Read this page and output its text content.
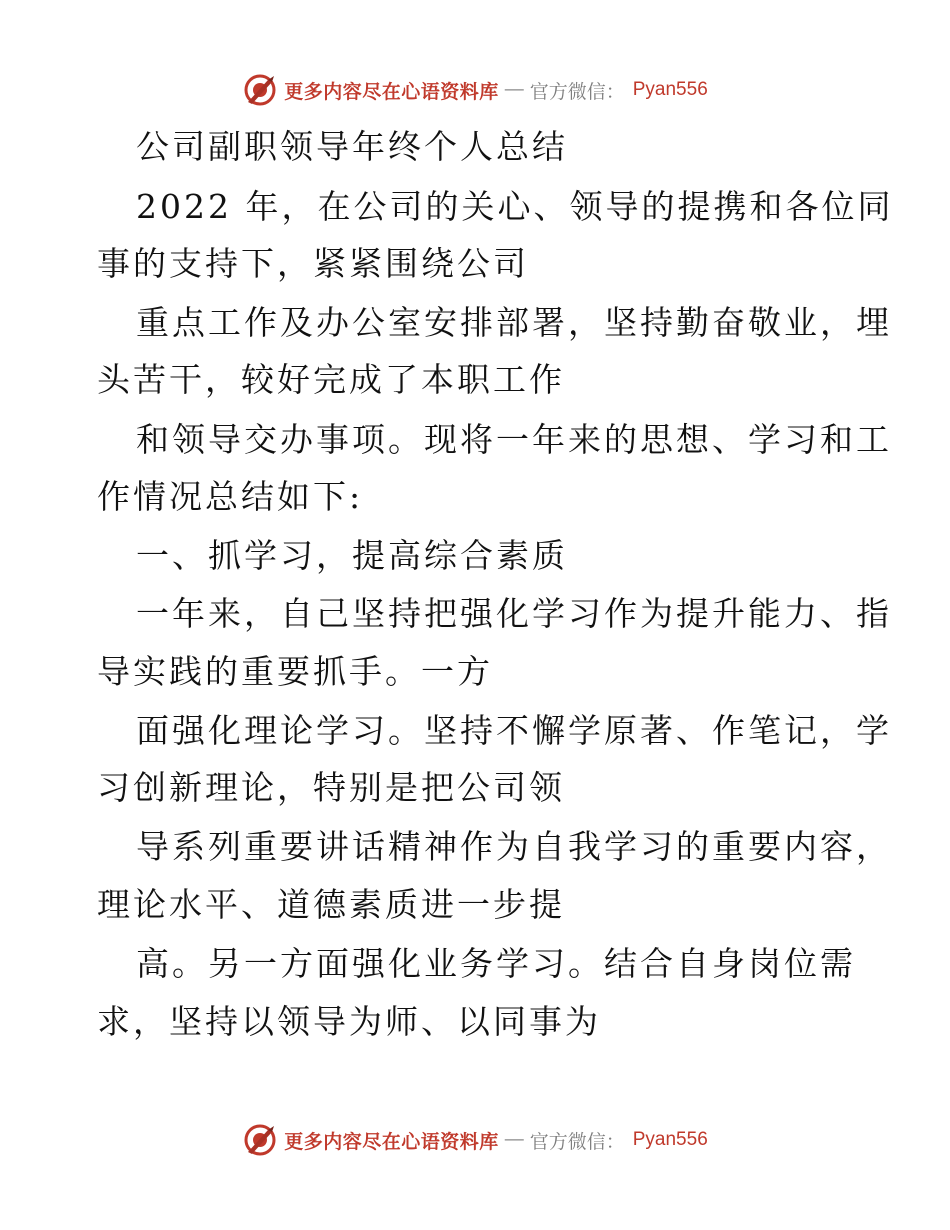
更多内容尽在心语资料库 — 官方微信： Pyan556
公司副职领导年终个人总结
2022 年，在公司的关心、领导的提携和各位同
事的支持下，紧紧围绕公司
重点工作及办公室安排部署，坚持勤奋敬业，埋
头苦干，较好完成了本职工作
和领导交办事项。现将一年来的思想、学习和工
作情况总结如下:
一、抓学习，提高综合素质
一年来，自己坚持把强化学习作为提升能力、指
导实践的重要抓手。一方
面强化理论学习。坚持不懈学原著、作笔记，学
习创新理论，特别是把公司领
导系列重要讲话精神作为自我学习的重要内容，
理论水平、道德素质进一步提
高。另一方面强化业务学习。结合自身岗位需
求，坚持以领导为师、以同事为
更多内容尽在心语资料库 — 官方微信： Pyan556
